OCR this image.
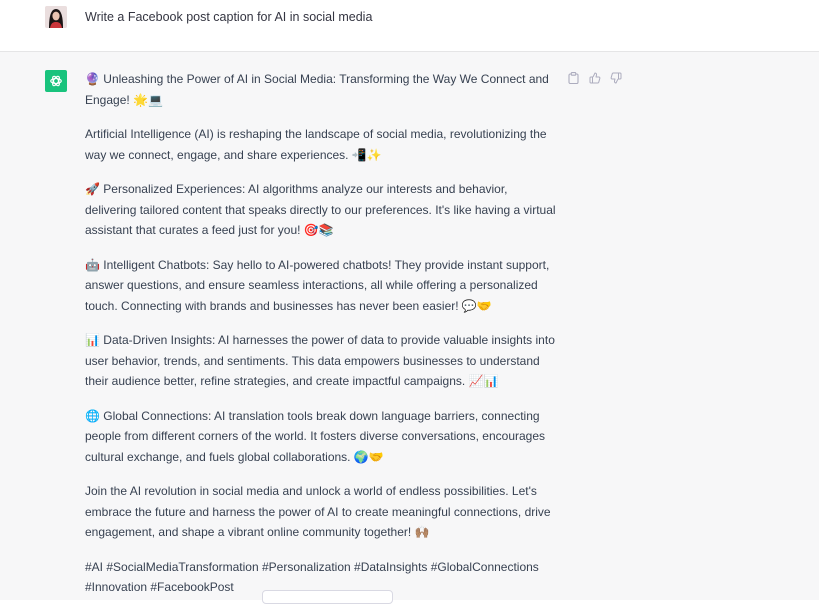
Write a Facebook post caption for AI in social media

🔮 Unleashing the Power of AI in Social Media: Transforming the Way We Connect and Engage! 🌟💻

Artificial Intelligence (AI) is reshaping the landscape of social media, revolutionizing the way we connect, engage, and share experiences. 📲✨

🚀 Personalized Experiences: AI algorithms analyze our interests and behavior, delivering tailored content that speaks directly to our preferences. It's like having a virtual assistant that curates a feed just for you! 🎯📚

🤖 Intelligent Chatbots: Say hello to AI-powered chatbots! They provide instant support, answer questions, and ensure seamless interactions, all while offering a personalized touch. Connecting with brands and businesses has never been easier! 💬🤝

📊 Data-Driven Insights: AI harnesses the power of data to provide valuable insights into user behavior, trends, and sentiments. This data empowers businesses to understand their audience better, refine strategies, and create impactful campaigns. 📈📊

🌐 Global Connections: AI translation tools break down language barriers, connecting people from different corners of the world. It fosters diverse conversations, encourages cultural exchange, and fuels global collaborations. 🌍🤝

Join the AI revolution in social media and unlock a world of endless possibilities. Let's embrace the future and harness the power of AI to create meaningful connections, drive engagement, and shape a vibrant online community together! 🙌🏽

#AI #SocialMediaTransformation #Personalization #DataInsights #GlobalConnections #Innovation #FacebookPost
